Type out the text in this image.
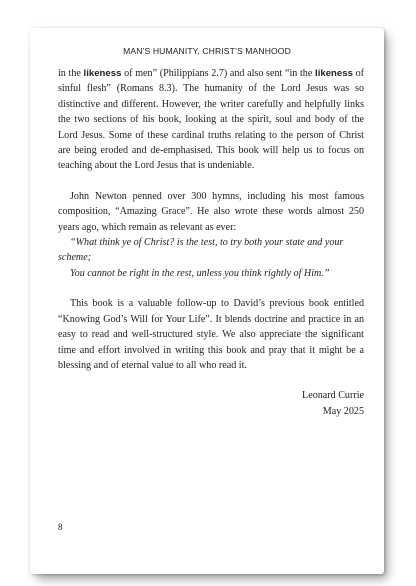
MAN’S HUMANITY, CHRIST’S MANHOOD

in the likeness of men” (Philippians 2.7) and also sent “in the likeness of sinful flesh” (Romans 8.3). The humanity of the Lord Jesus was so distinctive and different. However, the writer carefully and helpfully links the two sections of his book, looking at the spirit, soul and body of the Lord Jesus. Some of these cardinal truths relating to the person of Christ are being eroded and de-emphasised. This book will help us to focus on teaching about the Lord Jesus that is undeniable.

John Newton penned over 300 hymns, including his most famous composition, “Amazing Grace”. He also wrote these words almost 250 years ago, which remain as relevant as ever:

“What think ye of Christ? is the test, to try both your state and your scheme;

You cannot be right in the rest, unless you think rightly of Him.”

This book is a valuable follow-up to David’s previous book entitled “Knowing God’s Will for Your Life”. It blends doctrine and practice in an easy to read and well-structured style. We also appreciate the significant time and effort involved in writing this book and pray that it might be a blessing and of eternal value to all who read it.

Leonard Currie
May 2025
8
